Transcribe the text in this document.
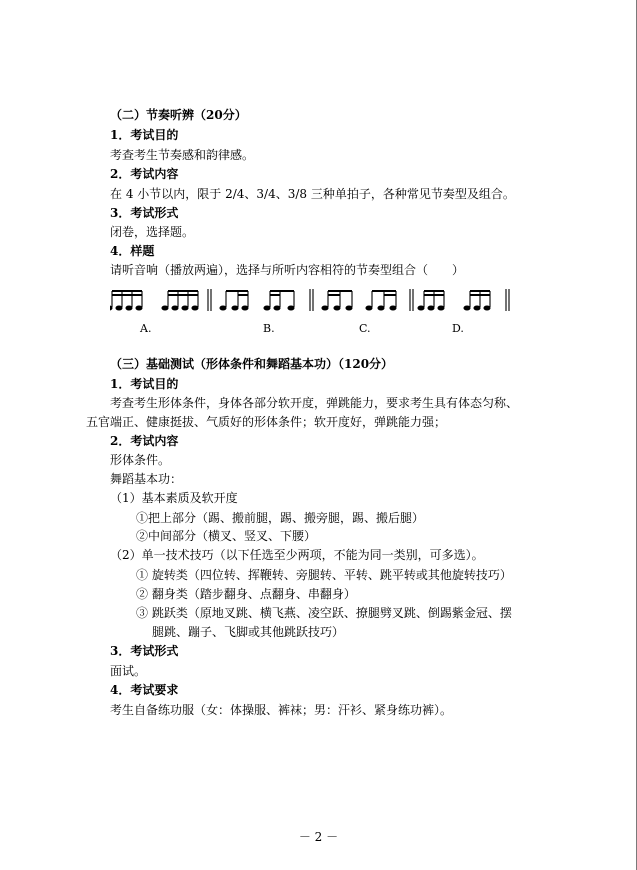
（二）节奏听辨（20分）
1．考试目的
考查考生节奏感和韵律感。
2．考试内容
在 4 小节以内，限于 2/4、3/4、3/8 三种单拍子，各种常见节奏型及组合。
3．考试形式
闭卷，选择题。
4．样题
请听音响（播放两遍），选择与所听内容相符的节奏型组合（　　）
A.	B.	C.	D.
（三）基础测试（形体条件和舞蹈基本功）（120分）
1．考试目的
考查考生形体条件，身体各部分软开度，弹跳能力，要求考生具有体态匀称、
五官端正、健康挺拔、气质好的形体条件；软开度好，弹跳能力强；
2．考试内容
形体条件。
舞蹈基本功：
（1）基本素质及软开度
①把上部分（踢、搬前腿，踢、搬旁腿，踢、搬后腿）
②中间部分（横叉、竖叉、下腰）
（2）单一技术技巧（以下任选至少两项，不能为同一类别，可多选）。
① 旋转类（四位转、挥鞭转、旁腿转、平转、跳平转或其他旋转技巧）
② 翻身类（踏步翻身、点翻身、串翻身）
③ 跳跃类（原地叉跳、横飞燕、凌空跃、撩腿劈叉跳、倒踢紫金冠、摆
腿跳、蹦子、飞脚或其他跳跃技巧）
3．考试形式
面试。
4．考试要求
考生自备练功服（女：体操服、裤袜；男：汗衫、紧身练功裤）。
－ 2 －
